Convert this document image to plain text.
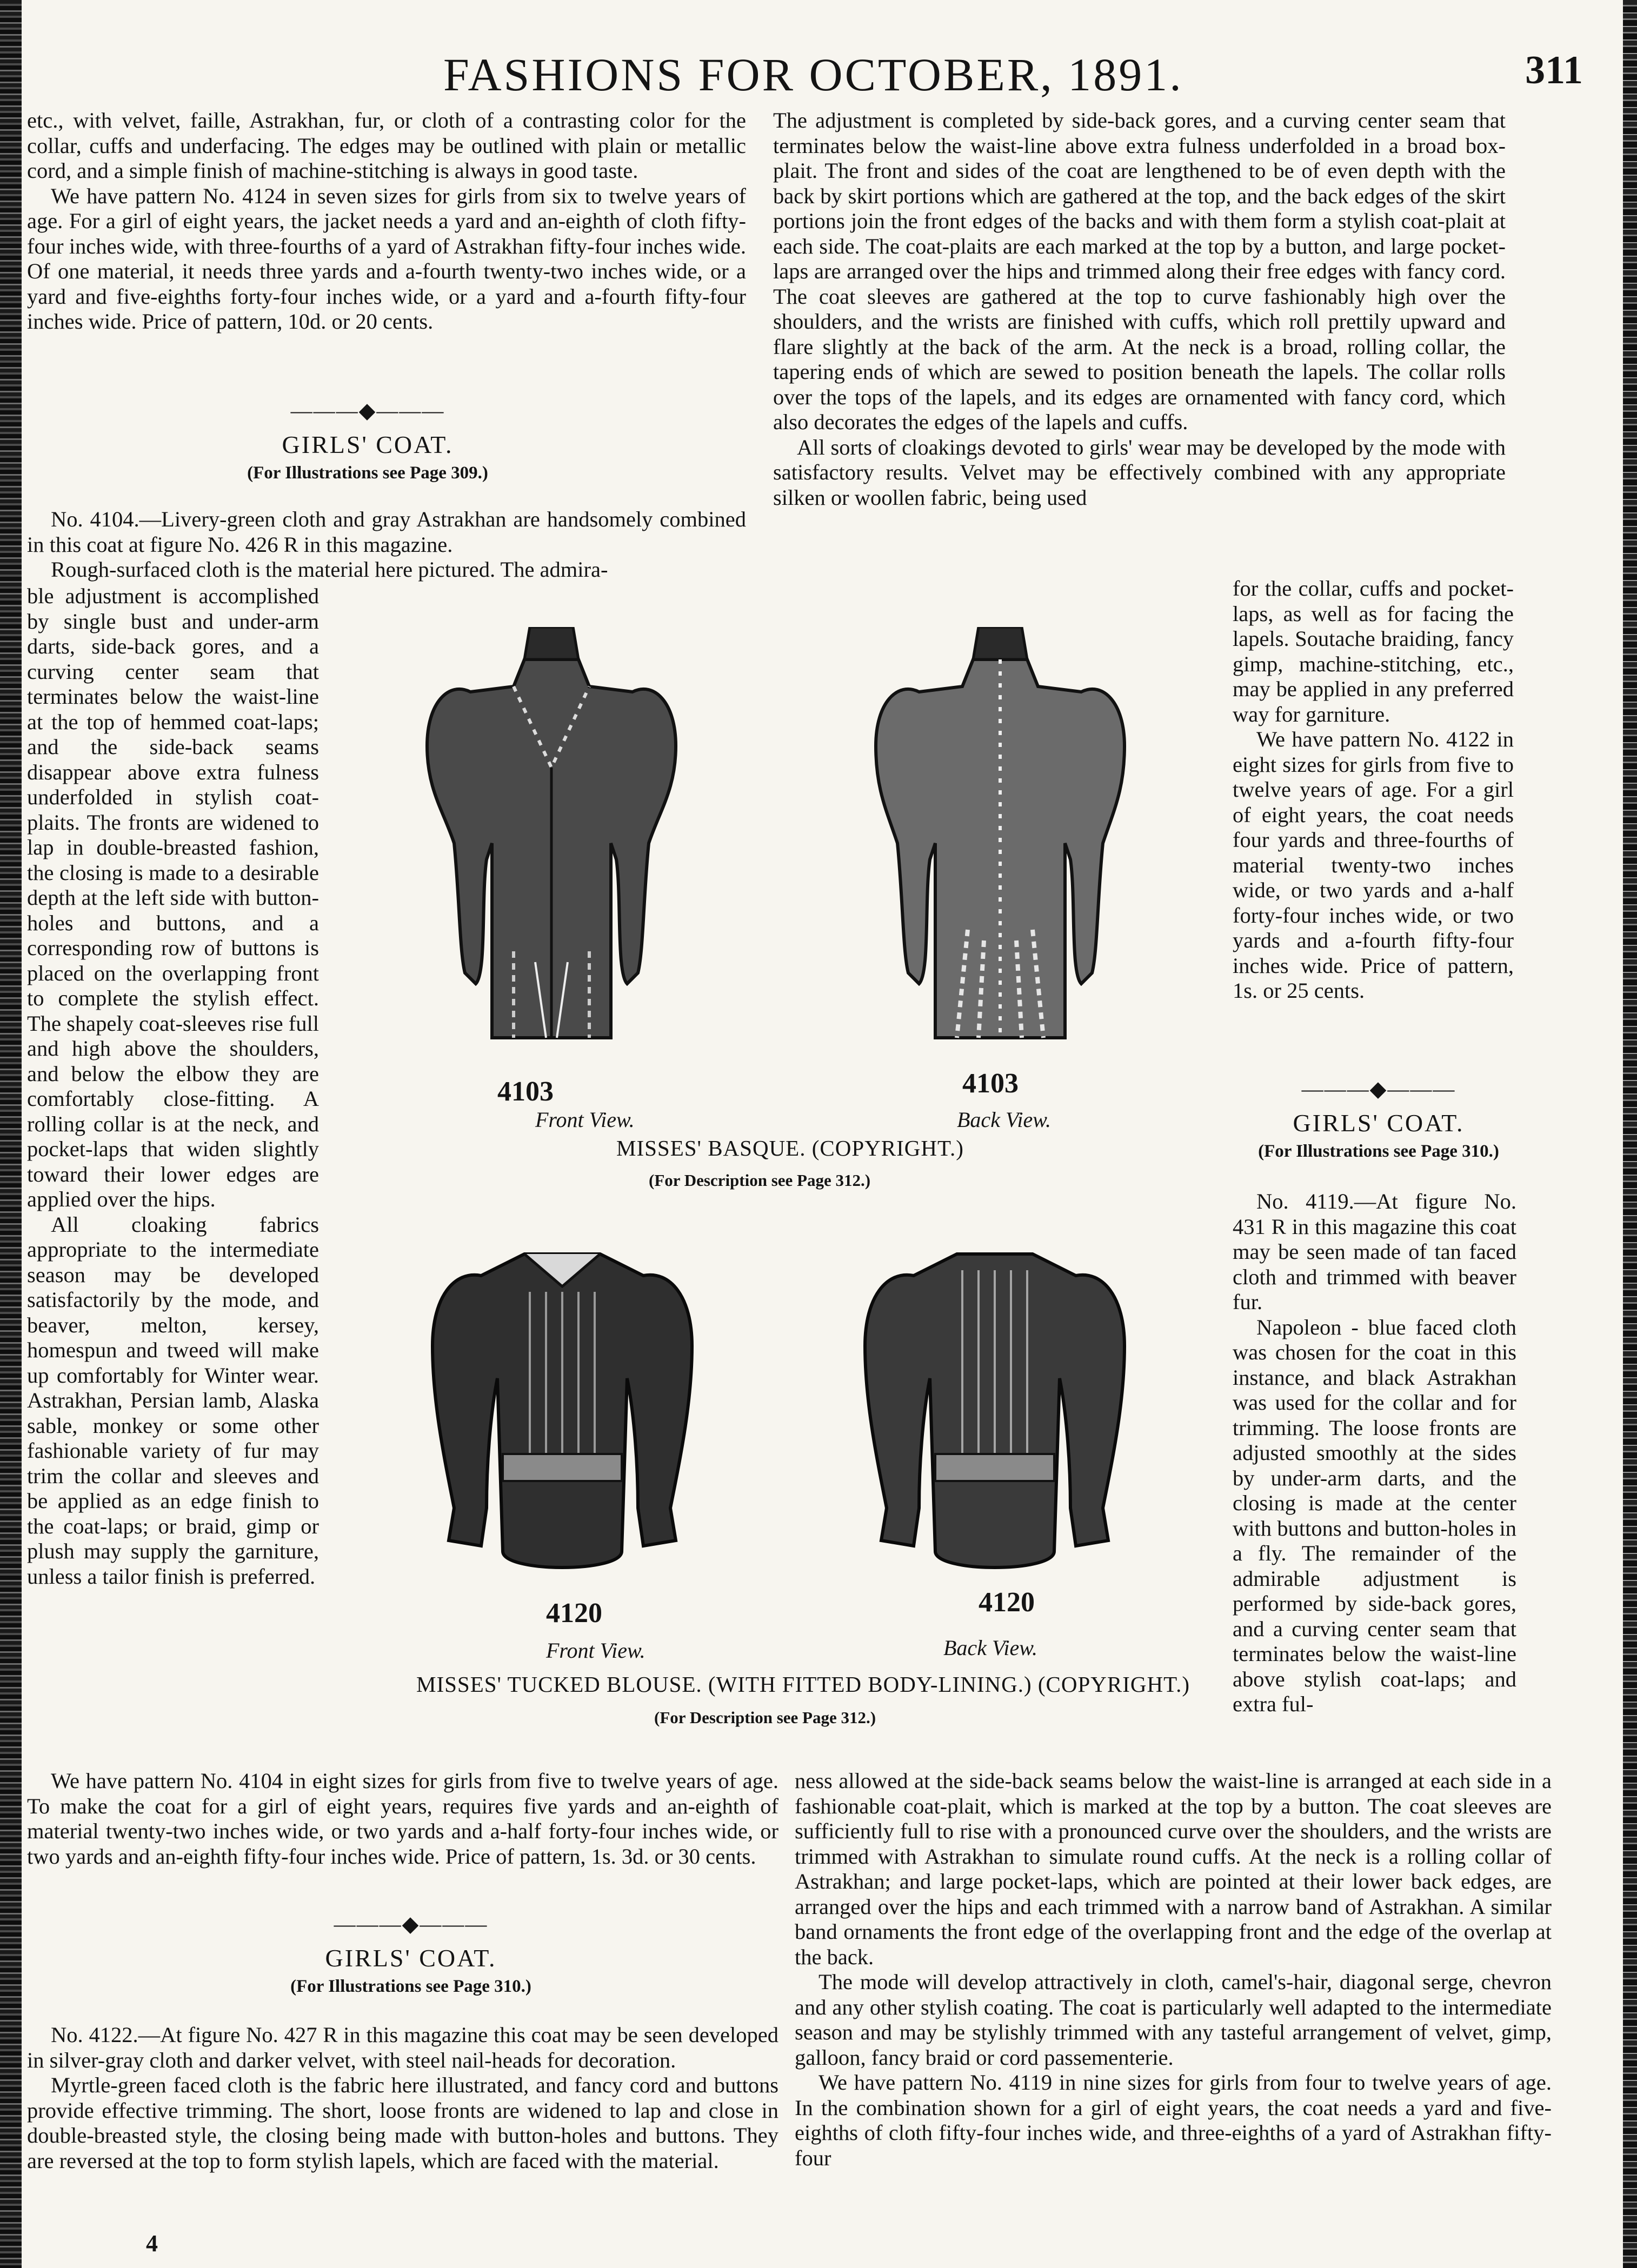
FASHIONS FOR OCTOBER, 1891.	311

etc., with velvet, faille, Astrakhan, fur, or cloth of a contrasting color for the collar, cuffs and underfacing. The edges may be outlined with plain or metallic cord, and a simple finish of machine-stitching is always in good taste.

We have pattern No. 4124 in seven sizes for girls from six to twelve years of age. For a girl of eight years, the jacket needs a yard and an-eighth of cloth fifty-four inches wide, with three-fourths of a yard of Astrakhan fifty-four inches wide. Of one material, it needs three yards and a-fourth twenty-two inches wide, or a yard and five-eighths forty-four inches wide, or a yard and a-fourth fifty-four inches wide. Price of pattern, 10d. or 20 cents.

———◆———
GIRLS' COAT.
(For Illustrations see Page 309.)

No. 4104.—Livery-green cloth and gray Astrakhan are handsomely combined in this coat at figure No. 426 R in this magazine.

Rough-surfaced cloth is the material here pictured. The admira-

ble adjustment is accomplished by single bust and under-arm darts, side-back gores, and a curving center seam that terminates below the waist-line at the top of hemmed coat-laps; and the side-back seams disappear above extra fulness underfolded in stylish coat-plaits. The fronts are widened to lap in double-breasted fashion, the closing is made to a desirable depth at the left side with button-holes and buttons, and a corresponding row of buttons is placed on the overlapping front to complete the stylish effect. The shapely coat-sleeves rise full and high above the shoulders, and below the elbow they are comfortably close-fitting. A rolling collar is at the neck, and pocket-laps that widen slightly toward their lower edges are applied over the hips.

All cloaking fabrics appropriate to the intermediate season may be developed satisfactorily by the mode, and beaver, melton, kersey, homespun and tweed will make up comfortably for Winter wear. Astrakhan, Persian lamb, Alaska sable, monkey or some other fashionable variety of fur may trim the collar and sleeves and be applied as an edge finish to the coat-laps; or braid, gimp or plush may supply the garniture, unless a tailor finish is preferred.

We have pattern No. 4104 in eight sizes for girls from five to twelve years of age. To make the coat for a girl of eight years, requires five yards and an-eighth of material twenty-two inches wide, or two yards and a-half forty-four inches wide, or two yards and an-eighth fifty-four inches wide. Price of pattern, 1s. 3d. or 30 cents.

———◆———
GIRLS' COAT.
(For Illustrations see Page 310.)

No. 4122.—At figure No. 427 R in this magazine this coat may be seen developed in silver-gray cloth and darker velvet, with steel nail-heads for decoration.

Myrtle-green faced cloth is the fabric here illustrated, and fancy cord and buttons provide effective trimming. The short, loose fronts are widened to lap and close in double-breasted style, the closing being made with button-holes and buttons. They are reversed at the top to form stylish lapels, which are faced with the material.

The adjustment is completed by side-back gores, and a curving center seam that terminates below the waist-line above extra fulness underfolded in a broad box-plait. The front and sides of the coat are lengthened to be of even depth with the back by skirt portions which are gathered at the top, and the back edges of the skirt portions join the front edges of the backs and with them form a stylish coat-plait at each side. The coat-plaits are each marked at the top by a button, and large pocket-laps are arranged over the hips and trimmed along their free edges with fancy cord. The coat sleeves are gathered at the top to curve fashionably high over the shoulders, and the wrists are finished with cuffs, which roll prettily upward and flare slightly at the back of the arm. At the neck is a broad, rolling collar, the tapering ends of which are sewed to position beneath the lapels. The collar rolls over the tops of the lapels, and its edges are ornamented with fancy cord, which also decorates the edges of the lapels and cuffs.

All sorts of cloakings devoted to girls' wear may be developed by the mode with satisfactory results. Velvet may be effectively combined with any appropriate silken or woollen fabric, being used

for the collar, cuffs and pocket-laps, as well as for facing the lapels. Soutache braiding, fancy gimp, machine-stitching, etc., may be applied in any preferred way for garniture.

We have pattern No. 4122 in eight sizes for girls from five to twelve years of age. For a girl of eight years, the coat needs four yards and three-fourths of material twenty-two inches wide, or two yards and a-half forty-four inches wide, or two yards and a-fourth fifty-four inches wide. Price of pattern, 1s. or 25 cents.

———◆———
GIRLS' COAT.
(For Illustrations see Page 310.)

No. 4119.—At figure No. 431 R in this magazine this coat may be seen made of tan faced cloth and trimmed with beaver fur.

Napoleon - blue faced cloth was chosen for the coat in this instance, and black Astrakhan was used for the collar and for trimming. The loose fronts are adjusted smoothly at the sides by under-arm darts, and the closing is made at the center with buttons and button-holes in a fly. The remainder of the admirable adjustment is performed by side-back gores, and a curving center seam that terminates below the waist-line above stylish coat-laps; and extra ful-

ness allowed at the side-back seams below the waist-line is arranged at each side in a fashionable coat-plait, which is marked at the top by a button. The coat sleeves are sufficiently full to rise with a pronounced curve over the shoulders, and the wrists are trimmed with Astrakhan to simulate round cuffs. At the neck is a rolling collar of Astrakhan; and large pocket-laps, which are pointed at their lower back edges, are arranged over the hips and each trimmed with a narrow band of Astrakhan. A similar band ornaments the front edge of the overlapping front and the edge of the overlap at the back.

The mode will develop attractively in cloth, camel's-hair, diagonal serge, chevron and any other stylish coating. The coat is particularly well adapted to the intermediate season and may be stylishly trimmed with any tasteful arrangement of velvet, gimp, galloon, fancy braid or cord passementerie.

We have pattern No. 4119 in nine sizes for girls from four to twelve years of age. In the combination shown for a girl of eight years, the coat needs a yard and five-eighths of cloth fifty-four inches wide, and three-eighths of a yard of Astrakhan fifty-four

4103
Front View.
4103
Back View.
MISSES' BASQUE. (COPYRIGHT.)
(For Description see Page 312.)
4120
Front View.
4120
Back View.
MISSES' TUCKED BLOUSE. (WITH FITTED BODY-LINING.) (COPYRIGHT.)
(For Description see Page 312.)
4
